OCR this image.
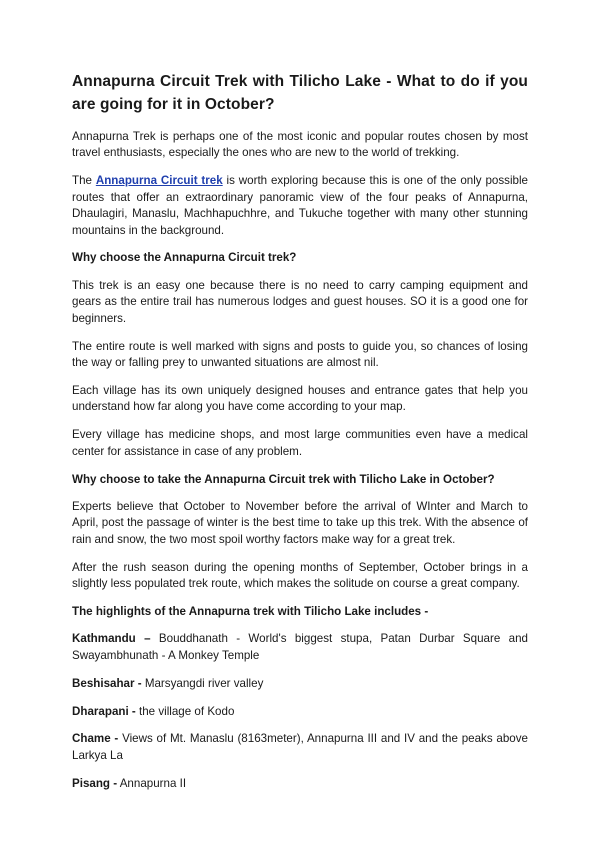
Annapurna Circuit Trek with Tilicho Lake - What to do if you are going for it in October?

Annapurna Trek is perhaps one of the most iconic and popular routes chosen by most travel enthusiasts, especially the ones who are new to the world of trekking.

The Annapurna Circuit trek is worth exploring because this is one of the only possible routes that offer an extraordinary panoramic view of the four peaks of Annapurna, Dhaulagiri, Manaslu, Machhapuchhre, and Tukuche together with many other stunning mountains in the background.

Why choose the Annapurna Circuit trek?

This trek is an easy one because there is no need to carry camping equipment and gears as the entire trail has numerous lodges and guest houses. SO it is a good one for beginners.

The entire route is well marked with signs and posts to guide you, so chances of losing the way or falling prey to unwanted situations are almost nil.

Each village has its own uniquely designed houses and entrance gates that help you understand how far along you have come according to your map.

Every village has medicine shops, and most large communities even have a medical center for assistance in case of any problem.

Why choose to take the Annapurna Circuit trek with Tilicho Lake in October?

Experts believe that October to November before the arrival of WInter and March to April, post the passage of winter is the best time to take up this trek. With the absence of rain and snow, the two most spoil worthy factors make way for a great trek.

After the rush season during the opening months of September, October brings in a slightly less populated trek route, which makes the solitude on course a great company.

The highlights of the Annapurna trek with Tilicho Lake includes -

Kathmandu – Bouddhanath - World's biggest stupa, Patan Durbar Square and Swayambhunath - A Monkey Temple

Beshisahar - Marsyangdi river valley

Dharapani - the village of Kodo

Chame - Views of Mt. Manaslu (8163meter), Annapurna III and IV and the peaks above Larkya La

Pisang - Annapurna II
